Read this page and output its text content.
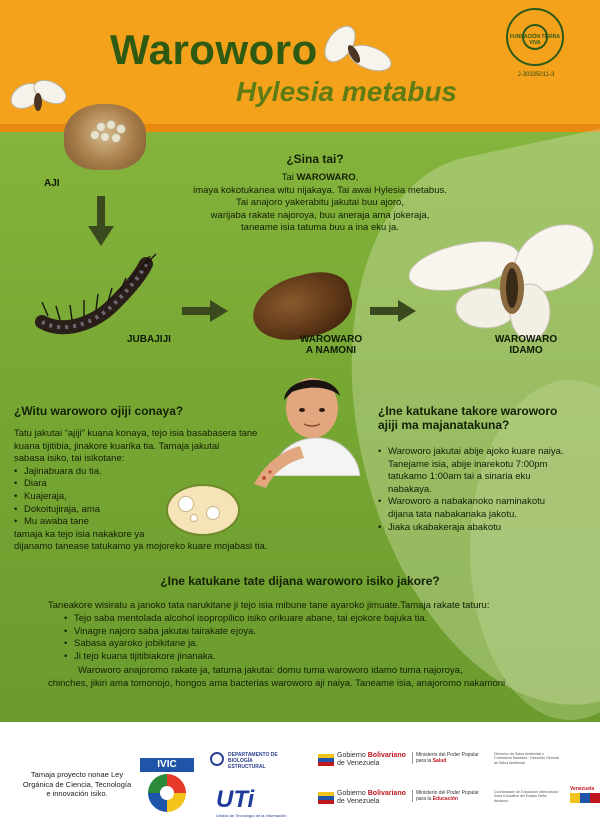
Waroworo
Hylesia metabus
FUNDACIÓN TIERRA VIVA
J-30335011-3
AJI
JUBAJIJI	WAROWARO
A NAMONI
WAROWARO
IDAMO
¿Sina tai?
Tai WAROWARO,
imaya kokotukanea witu nijakaya. Tai awai Hylesia metabus.
Tai anajoro yakerabitu jakutai buu ajoro,
warijaba rakate najoroya, buu aneraja ama jokeraja,
taneame isia tatuma buu a ina eku ja.
¿Witu waroworo ojiji conaya?
Tatu jakutai “ajiji” kuana konaya, tejo isia basabasera tane
kuana tijitibia, jinakore kuarika tia. Tamaja jakutai
sabasa isiko, tai isikotane:
• Jajinabuara du tia.
• Diara
• Kuajeraja,
• Dokoitujiraja, ama
• Mu awaba tane
tamaja ka tejo isia nakakore ya
dijanamo tanease tatukamo ya mojoreko kuare mojabasi tia.
¿Ine katukane takore waroworo
ajiji ma majanatakuna?
• Waroworo jakutai abije ajoko kuare naiya. Tanejame isia, abije inarekotu 7:00pm tatukamo 1:00am tai a sinaria eku nabakaya.
• Waroworo a nabakanoko naminakotu dijana tata nabakanaka jakotu.
• Jiaka ukabakeraja abakotu
¿Ine katukane tate dijana waroworo isiko jakore?
Taneakore wisiratu a janoko tata narukitane ji tejo isia mibune tane ayaroko jimuate.Tamaja rakate taturu:
• Tejo saba mentolada alcohol isopropilico isiko orikuare abane, tai ejokore bajuka tia.
• Vinagre najoro saba jakutai tairakate ejoya.
• Sabasa ayaroko jobikitane ja.
• Ji tejo kuana tijitibiakore jinanaka.
Waroworo anajoromo rakate ja, tatuma jakutai: domu tuma waroworo idamo tuma najoroya,
chinches, jikiri ama tomonojo, hongos ama bacterias waroworo aji naiya. Taneame isia, anajoromo nakamoni
Tamaja proyecto nonae Ley Orgánica de Ciencia, Tecnología e innovación isiko.
IVIC
DEPARTAMENTO DE BIOLOGÍA ESTRUCTURAL
UTi
Unidad de Tecnología de la Información
Gobierno Bolivariano
de Venezuela
Ministerio del Poder Popular
para la Salud
Dirección de Salud Ambiental y Contraloría Sanitaria · Dirección General de Salud Ambiental
Gobierno Bolivariano
de Venezuela
Ministerio del Poder Popular
para la Educación
Coordinación de Educación Intercultural · Zona Educativa del Estado Delta Amacuro
Venezuela
